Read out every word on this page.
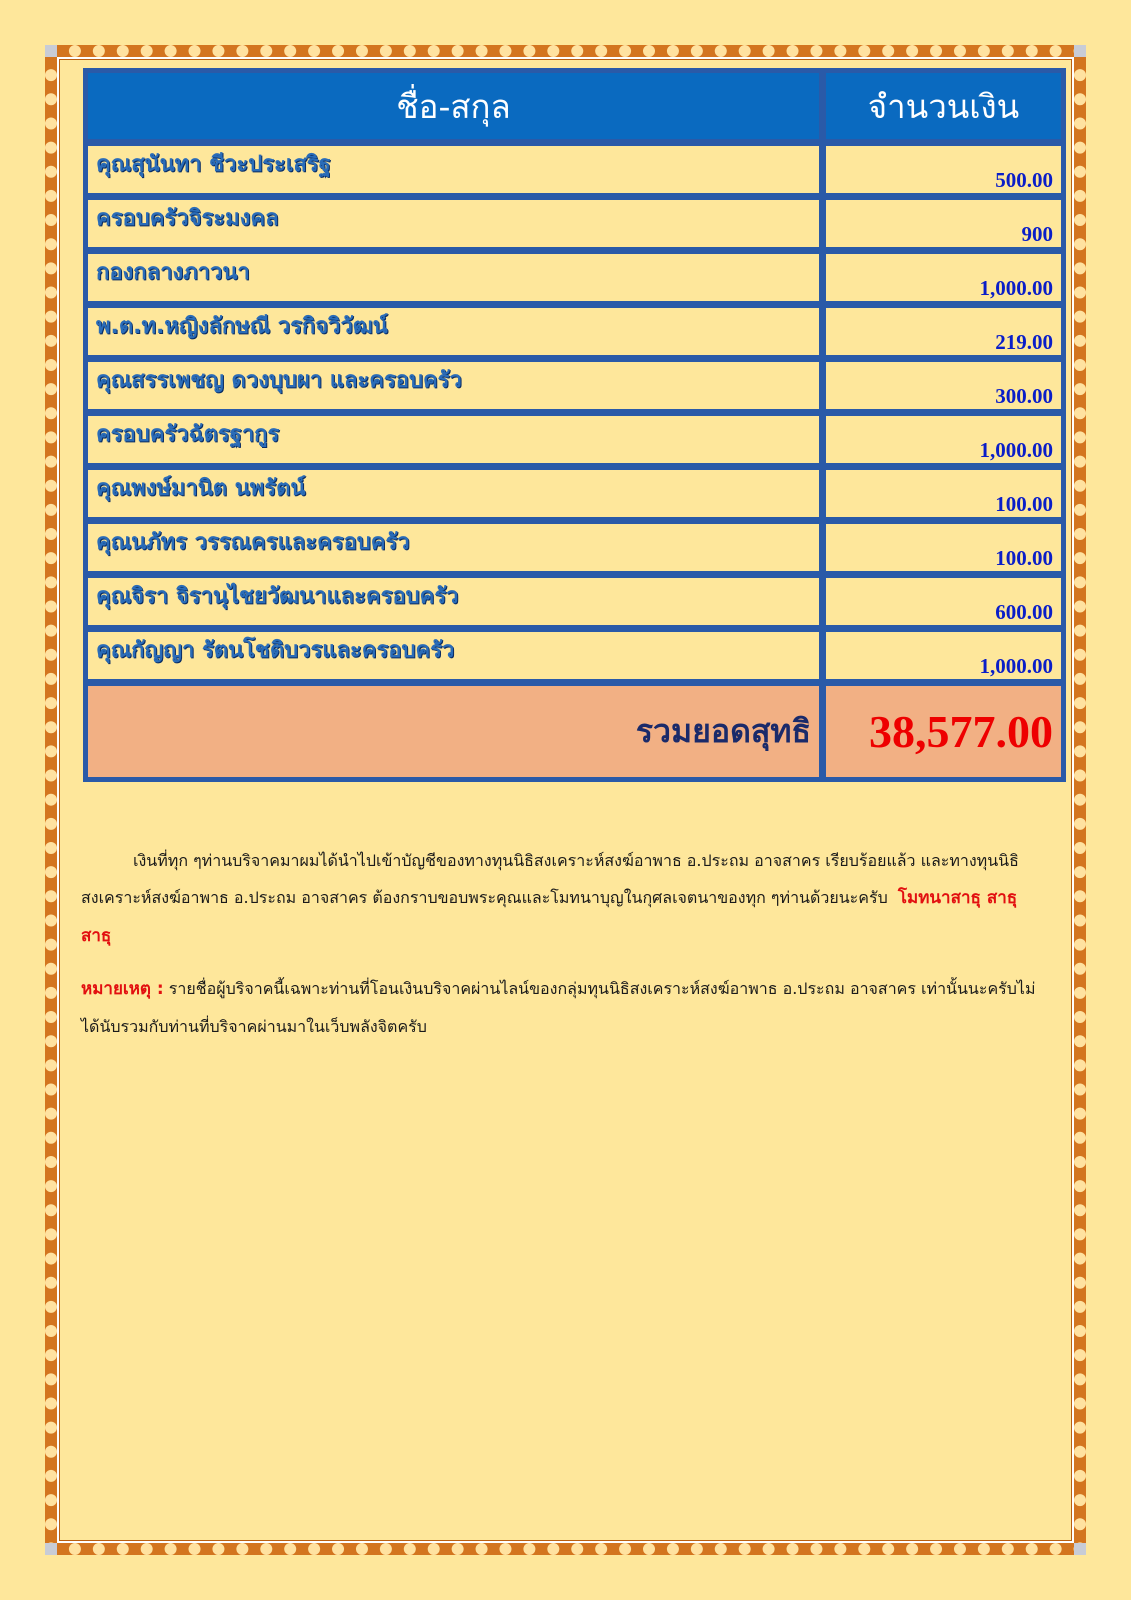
ชื่อ-สกุล	จำนวนเงิน
คุณสุนันทา ชีวะประเสริฐ	500.00
ครอบครัวจิระมงคล	900
กองกลางภาวนา	1,000.00
พ.ต.ท.หญิงลักษณี วรกิจวิวัฒน์	219.00
คุณสรรเพชญ ดวงบุบผา และครอบครัว	300.00
ครอบครัวฉัตรฐากูร	1,000.00
คุณพงษ์มานิต นพรัตน์	100.00
คุณนภัทร วรรณครและครอบครัว	100.00
คุณจิรา จิรานุไชยวัฒนาและครอบครัว	600.00
คุณกัญญา รัตนโชติบวรและครอบครัว	1,000.00
รวมยอดสุทธิ	38,577.00
เงินที่ทุก ๆท่านบริจาคมาผมได้นำไปเข้าบัญชีของทางทุนนิธิสงเคราะห์สงฆ์อาพาธ อ.ประถม อาจสาคร เรียบร้อยแล้ว และทางทุนนิธิสงเคราะห์สงฆ์อาพาธ อ.ประถม อาจสาคร ต้องกราบขอบพระคุณและโมทนาบุญในกุศลเจตนาของทุก ๆท่านด้วยนะครับ โมทนาสาธุ สาธุ สาธุ
หมายเหตุ : รายชื่อผู้บริจาคนี้เฉพาะท่านที่โอนเงินบริจาคผ่านไลน์ของกลุ่มทุนนิธิสงเคราะห์สงฆ์อาพาธ อ.ประถม อาจสาคร เท่านั้นนะครับไม่ได้นับรวมกับท่านที่บริจาคผ่านมาในเว็บพลังจิตครับ
